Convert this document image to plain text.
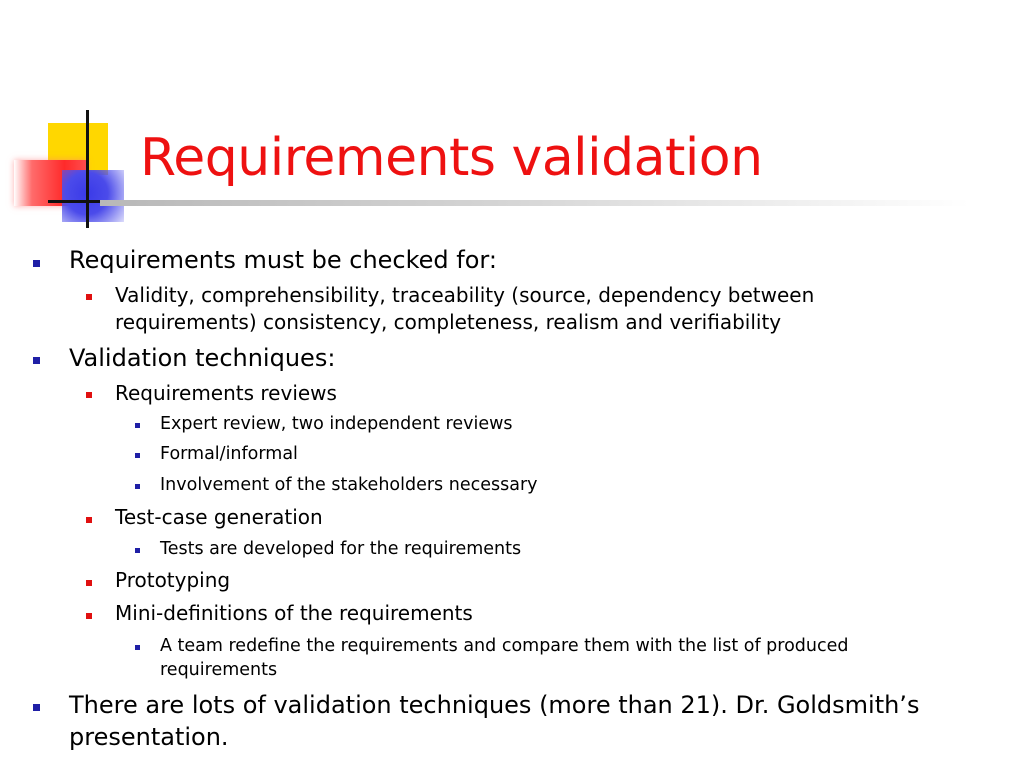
Requirements validation
Requirements must be checked for:
Validity, comprehensibility, traceability (source, dependency between
requirements) consistency, completeness, realism and verifiability
Validation techniques:
Requirements reviews
Expert review, two independent reviews
Formal/informal
Involvement of the stakeholders necessary
Test-case generation
Tests are developed for the requirements
Prototyping
Mini-definitions of the requirements
A team redefine the requirements and compare them with the list of produced
requirements
There are lots of validation techniques (more than 21). Dr. Goldsmith’s
presentation.
